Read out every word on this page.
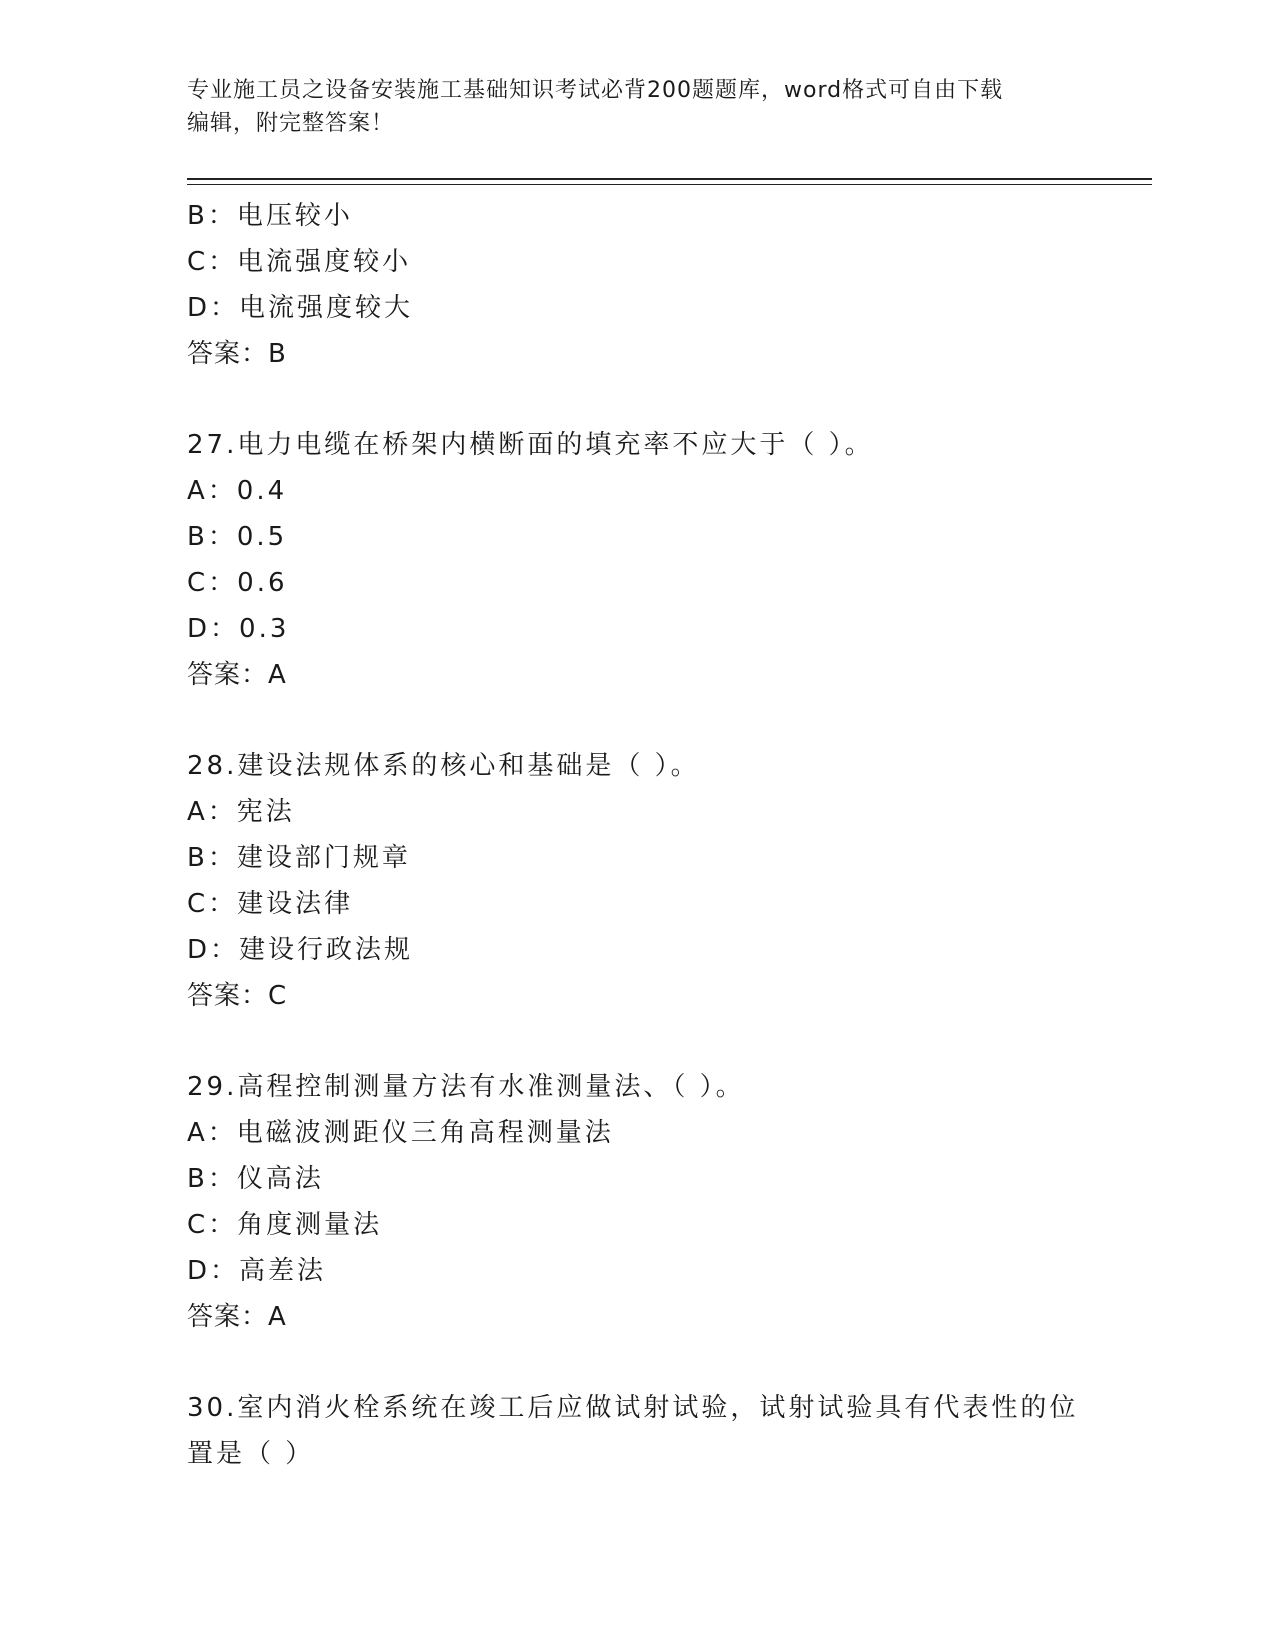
专业施工员之设备安装施工基础知识考试必背200题题库，word格式可自由下载
编辑，附完整答案！
B：电压较小
C：电流强度较小
D：电流强度较大
答案：B
27.电力电缆在桥架内横断面的填充率不应大于（ ）。
A：0.4
B：0.5
C：0.6
D：0.3
答案：A
28.建设法规体系的核心和基础是（ ）。
A：宪法
B：建设部门规章
C：建设法律
D：建设行政法规
答案：C
29.高程控制测量方法有水准测量法、（ ）。
A：电磁波测距仪三角高程测量法
B：仪高法
C：角度测量法
D：高差法
答案：A
30.室内消火栓系统在竣工后应做试射试验，试射试验具有代表性的位
置是（ ）
